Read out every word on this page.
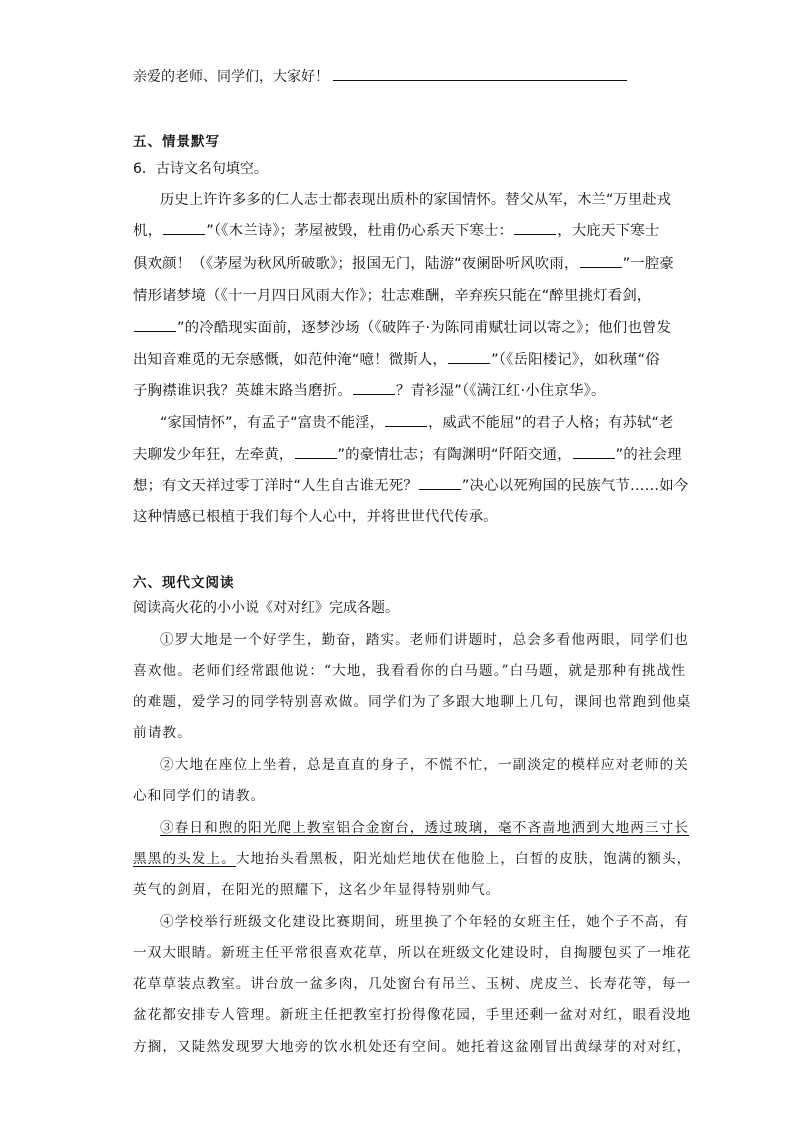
亲爱的老师、同学们，大家好！
五、情景默写
6．古诗文名句填空。
历史上许许多多的仁人志士都表现出质朴的家国情怀。替父从军，木兰“万里赴戎
机，	”（《木兰诗》；茅屋被毁，杜甫仍心系天下寒士：	，大庇天下寒士
俱欢颜！（《茅屋为秋风所破歌》；报国无门，陆游“夜阑卧听风吹雨，	”一腔豪
情形诸梦境（《十一月四日风雨大作》；壮志难酬，辛弃疾只能在“醉里挑灯看剑，
”的冷酷现实面前，逐梦沙场（《破阵子·为陈同甫赋壮词以寄之》；他们也曾发
出知音难觅的无奈感慨，如范仲淹“噫！微斯人，	”（《岳阳楼记》，如秋瑾“俗
子胸襟谁识我？英雄末路当磨折。	？青衫湿”（《满江红·小住京华》。
“家国情怀”，有孟子“富贵不能淫，	，威武不能屈”的君子人格；有苏轼“老
夫聊发少年狂，左牵黄，	”的豪情壮志；有陶渊明“阡陌交通，	”的社会理
想；有文天祥过零丁洋时“人生自古谁无死？	”决心以死殉国的民族气节……如今
这种情感已根植于我们每个人心中，并将世世代代传承。
六、现代文阅读
阅读高火花的小小说《对对红》完成各题。
①罗大地是一个好学生，勤奋，踏实。老师们讲题时，总会多看他两眼，同学们也
喜欢他。老师们经常跟他说：“大地，我看看你的白马题。”白马题，就是那种有挑战性
的难题，爱学习的同学特别喜欢做。同学们为了多跟大地聊上几句，课间也常跑到他桌
前请教。
②大地在座位上坐着，总是直直的身子，不慌不忙，一副淡定的模样应对老师的关
心和同学们的请教。
③春日和煦的阳光爬上教室铝合金窗台，透过玻璃，毫不吝啬地洒到大地两三寸长
黑黑的头发上。大地抬头看黑板，阳光灿烂地伏在他脸上，白皙的皮肤，饱满的额头，
英气的剑眉，在阳光的照耀下，这名少年显得特别帅气。
④学校举行班级文化建设比赛期间，班里换了个年轻的女班主任，她个子不高，有
一双大眼睛。新班主任平常很喜欢花草，所以在班级文化建设时，自掏腰包买了一堆花
花草草装点教室。讲台放一盆多肉，几处窗台有吊兰、玉树、虎皮兰、长寿花等，每一
盆花都安排专人管理。新班主任把教室打扮得像花园，手里还剩一盆对对红，眼看没地
方搁，又陡然发现罗大地旁的饮水机处还有空间。她托着这盆刚冒出黄绿芽的对对红，
